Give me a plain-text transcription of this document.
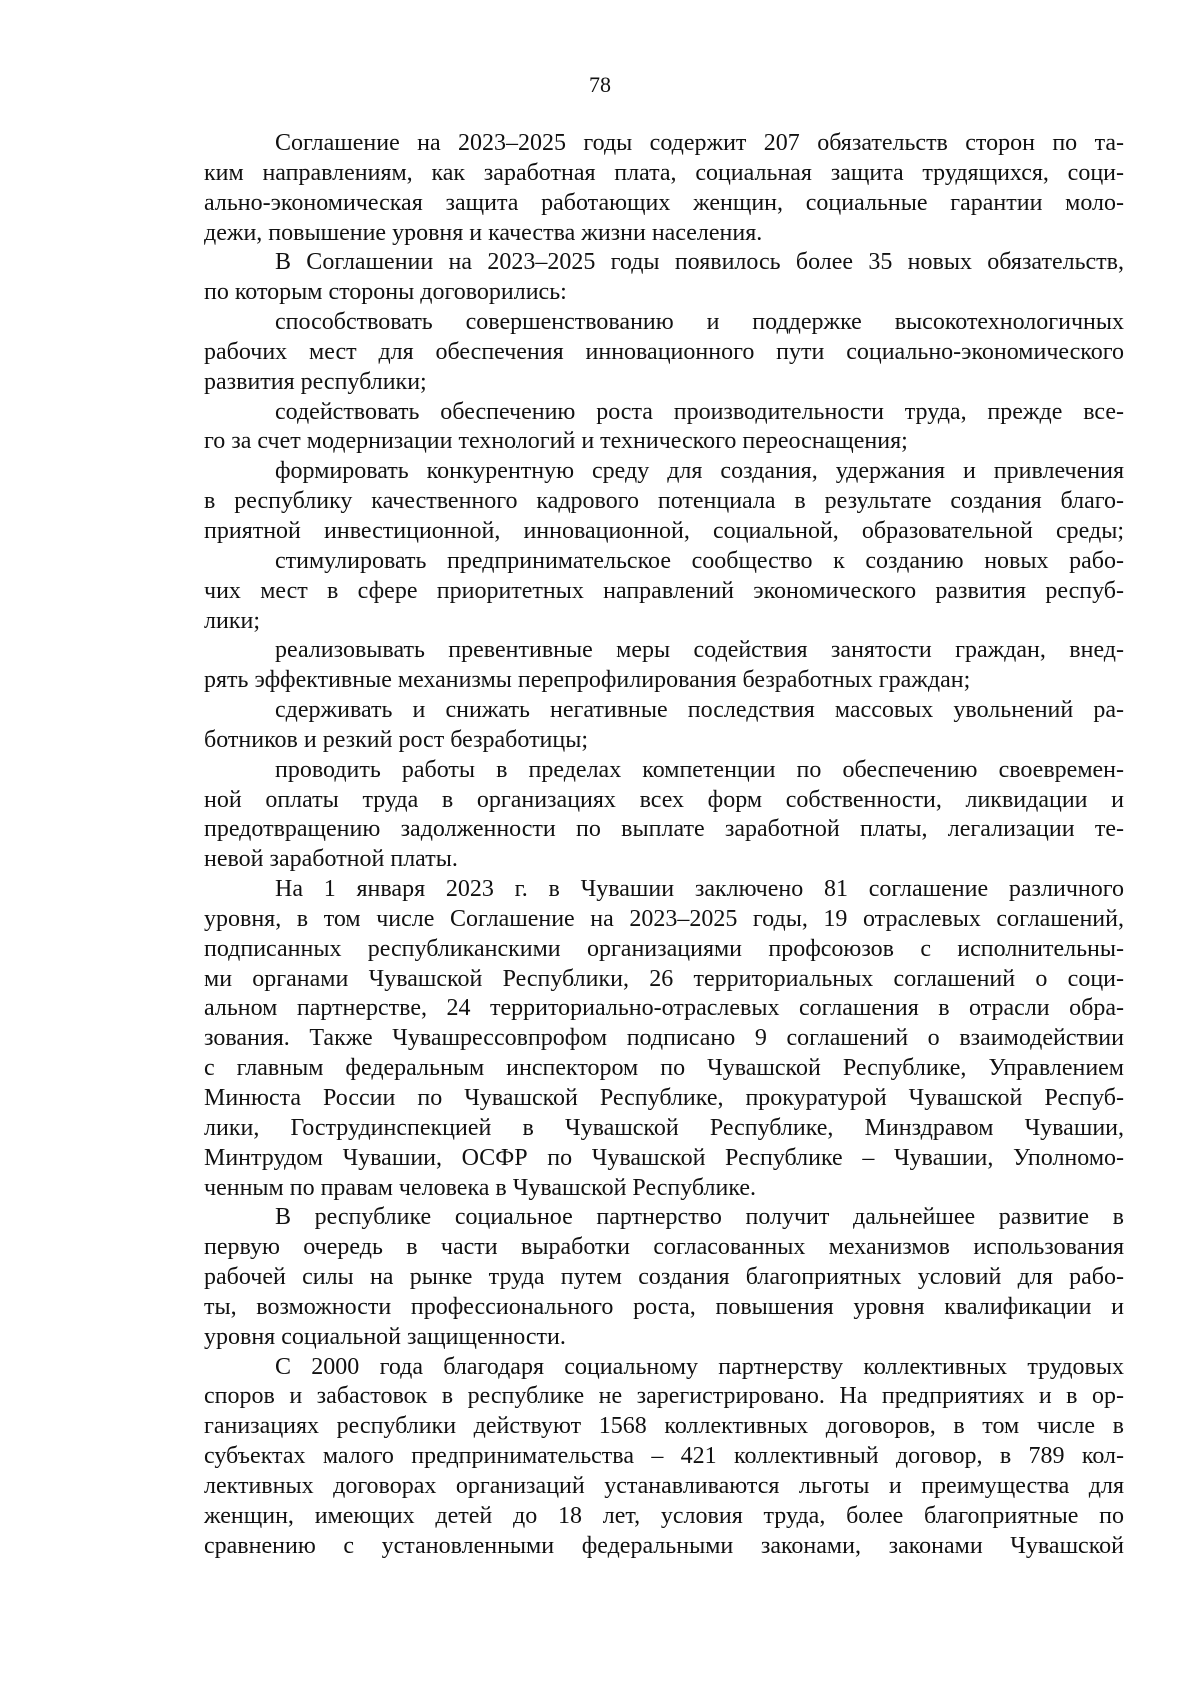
78
Соглашение на 2023–2025 годы содержит 207 обязательств сторон по та-
ким направлениям, как заработная плата, социальная защита трудящихся, соци-
ально-экономическая защита работающих женщин, социальные гарантии моло-
дежи, повышение уровня и качества жизни населения.
В Соглашении на 2023–2025 годы появилось более 35 новых обязательств,
по которым стороны договорились:
способствовать совершенствованию и поддержке высокотехнологичных
рабочих мест для обеспечения инновационного пути социально-экономического
развития республики;
содействовать обеспечению роста производительности труда, прежде все-
го за счет модернизации технологий и технического переоснащения;
формировать конкурентную среду для создания, удержания и привлечения
в республику качественного кадрового потенциала в результате создания благо-
приятной инвестиционной, инновационной, социальной, образовательной среды;
стимулировать предпринимательское сообщество к созданию новых рабо-
чих мест в сфере приоритетных направлений экономического развития респуб-
лики;
реализовывать превентивные меры содействия занятости граждан, внед-
рять эффективные механизмы перепрофилирования безработных граждан;
сдерживать и снижать негативные последствия массовых увольнений ра-
ботников и резкий рост безработицы;
проводить работы в пределах компетенции по обеспечению своевремен-
ной оплаты труда в организациях всех форм собственности, ликвидации и
предотвращению задолженности по выплате заработной платы, легализации те-
невой заработной платы.
На 1 января 2023 г. в Чувашии заключено 81 соглашение различного
уровня, в том числе Соглашение на 2023–2025 годы, 19 отраслевых соглашений,
подписанных республиканскими организациями профсоюзов с исполнительны-
ми органами Чувашской Республики, 26 территориальных соглашений о соци-
альном партнерстве, 24 территориально-отраслевых соглашения в отрасли обра-
зования. Также Чувашрессовпрофом подписано 9 соглашений о взаимодействии
с главным федеральным инспектором по Чувашской Республике, Управлением
Минюста России по Чувашской Республике, прокуратурой Чувашской Респуб-
лики, Гострудинспекцией в Чувашской Республике, Минздравом Чувашии,
Минтрудом Чувашии, ОСФР по Чувашской Республике – Чувашии, Уполномо-
ченным по правам человека в Чувашской Республике.
В республике социальное партнерство получит дальнейшее развитие в
первую очередь в части выработки согласованных механизмов использования
рабочей силы на рынке труда путем создания благоприятных условий для рабо-
ты, возможности профессионального роста, повышения уровня квалификации и
уровня социальной защищенности.
С 2000 года благодаря социальному партнерству коллективных трудовых
споров и забастовок в республике не зарегистрировано. На предприятиях и в ор-
ганизациях республики действуют 1568 коллективных договоров, в том числе в
субъектах малого предпринимательства – 421 коллективный договор, в 789 кол-
лективных договорах организаций устанавливаются льготы и преимущества для
женщин, имеющих детей до 18 лет, условия труда, более благоприятные по
сравнению с установленными федеральными законами, законами Чувашской
